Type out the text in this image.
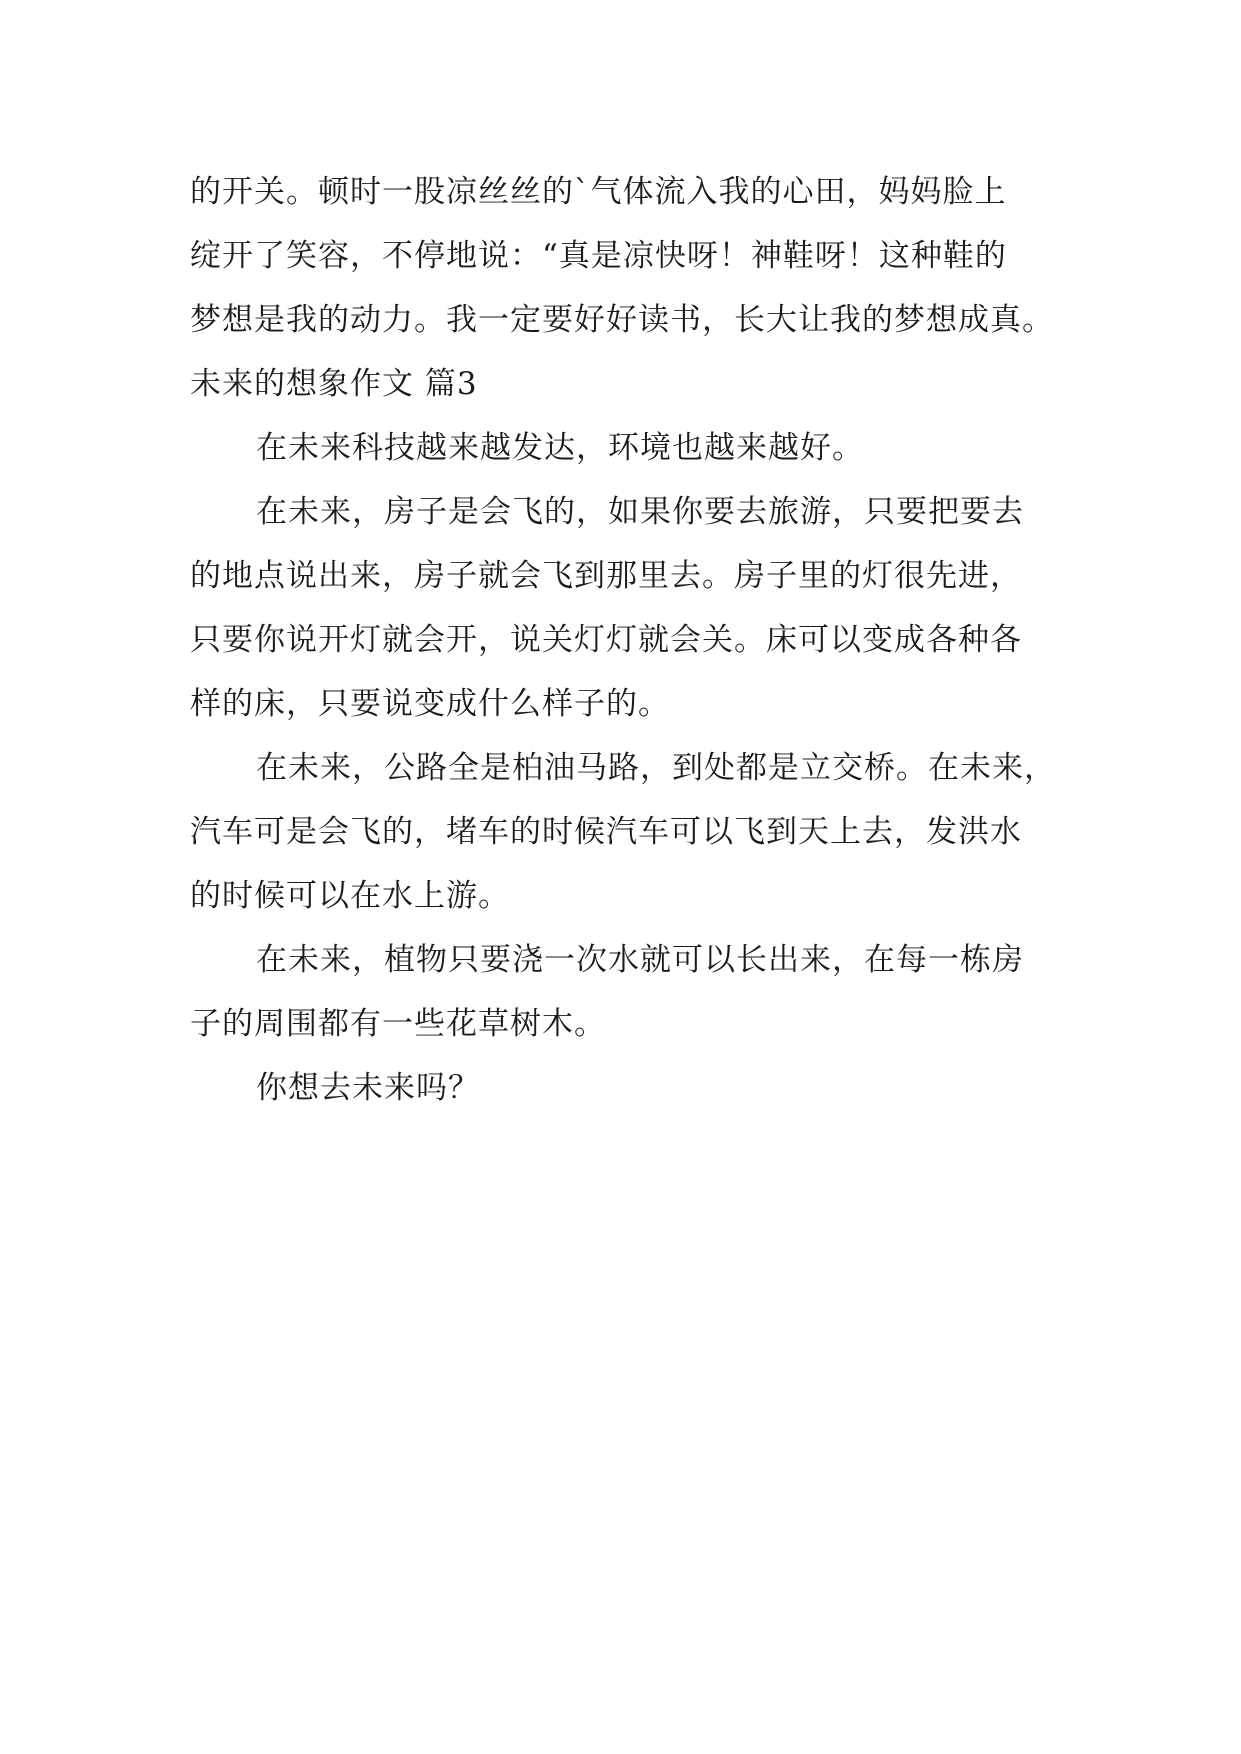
的开关。顿时一股凉丝丝的`气体流入我的心田，妈妈脸上
绽开了笑容，不停地说：“真是凉快呀！神鞋呀！这种鞋的
梦想是我的动力。我一定要好好读书，长大让我的梦想成真。
未来的想象作文 篇3
在未来科技越来越发达，环境也越来越好。
在未来，房子是会飞的，如果你要去旅游，只要把要去
的地点说出来，房子就会飞到那里去。房子里的灯很先进，
只要你说开灯就会开，说关灯灯就会关。床可以变成各种各
样的床，只要说变成什么样子的。
在未来，公路全是柏油马路，到处都是立交桥。在未来，
汽车可是会飞的，堵车的时候汽车可以飞到天上去，发洪水
的时候可以在水上游。
在未来，植物只要浇一次水就可以长出来，在每一栋房
子的周围都有一些花草树木。
你想去未来吗？
